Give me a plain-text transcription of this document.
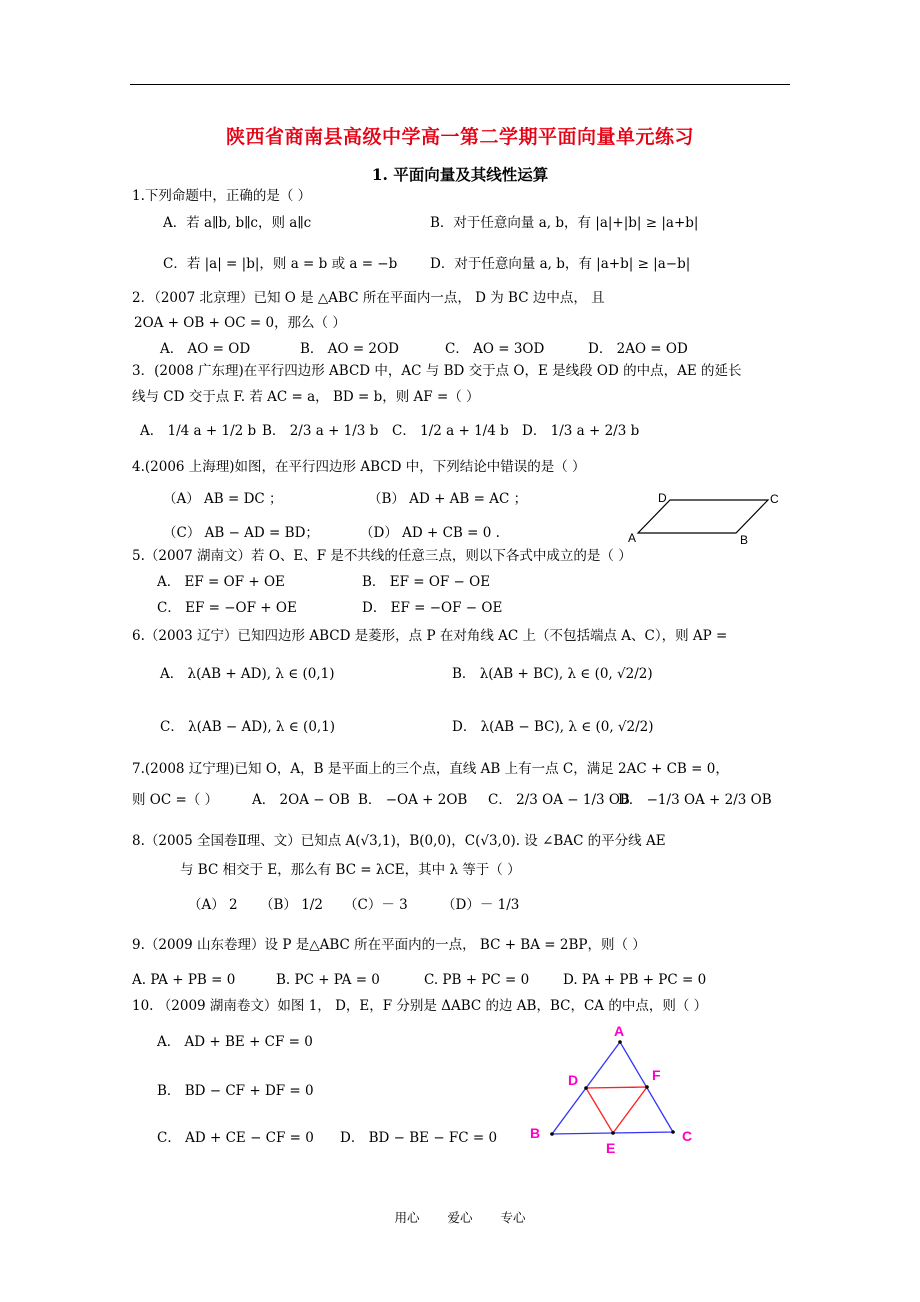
陕西省商南县高级中学高一第二学期平面向量单元练习
1. 平面向量及其线性运算
1.下列命题中，正确的是（ ）
A．若 a∥b, b∥c，则 a∥c	B．对于任意向量 a, b，有 |a|+|b| ≥ |a+b|
C．若 |a| = |b|，则 a = b 或 a = −b D．对于任意向量 a, b，有 |a+b| ≥ |a−b|
2．（2007 北京理）已知 O 是 △ABC 所在平面内一点， D 为 BC 边中点， 且
2OA + OB + OC = 0，那么（ ）
A． AO = OD	B． AO = 2OD	C． AO = 3OD	D． 2AO = OD
3．(2008 广东理)在平行四边形 ABCD 中，AC 与 BD 交于点 O，E 是线段 OD 的中点，AE 的延长
线与 CD 交于点 F. 若 AC = a， BD = b，则 AF =（ ）
A． 1/4 a + 1/2 b B． 2/3 a + 1/3 b C． 1/2 a + 1/4 b D． 1/3 a + 2/3 b
4.(2006 上海理)如图，在平行四边形 ABCD 中，下列结论中错误的是（ ）
（A） AB = DC ；	（B） AD + AB = AC ；
（C） AB − AD = BD；	（D） AD + CB = 0 .
D	C
A	B
5.（2007 湖南文）若 O、E、F 是不共线的任意三点，则以下各式中成立的是（ ）
A． EF = OF + OE	B． EF = OF − OE
C． EF = −OF + OE	D． EF = −OF − OE
6.（2003 辽宁）已知四边形 ABCD 是菱形，点 P 在对角线 AC 上（不包括端点 A、C），则 AP =
A． λ(AB + AD), λ ∈ (0,1)	B． λ(AB + BC), λ ∈ (0, √2/2)
C． λ(AB − AD), λ ∈ (0,1)	D． λ(AB − BC), λ ∈ (0, √2/2)
7.(2008 辽宁理)已知 O，A，B 是平面上的三个点，直线 AB 上有一点 C，满足 2AC + CB = 0，
则 OC =（ ）	A． 2OA − OB B． −OA + 2OB C． 2/3 OA − 1/3 OB
D． −1/3 OA + 2/3 OB
8.（2005 全国卷Ⅱ理、文）已知点 A(√3,1)，B(0,0)，C(√3,0). 设 ∠BAC 的平分线 AE
与 BC 相交于 E，那么有 BC = λCE，其中 λ 等于（ ）
（A） 2 （B） 1/2 （C）－ 3	（D）－ 1/3
9.（2009 山东卷理）设 P 是△ABC 所在平面内的一点， BC + BA = 2BP，则（ ）
A. PA + PB = 0	B. PC + PA = 0	C. PB + PC = 0	D. PA + PB + PC = 0
10. （2009 湖南卷文）如图 1， D，E，F 分别是 ΔABC 的边 AB，BC，CA 的中点，则（ ）
A． AD + BE + CF = 0
B． BD − CF + DF = 0
C． AD + CE − CF = 0 D． BD − BE − FC = 0
A
D	F
B
E
C
用心 爱心 专心
